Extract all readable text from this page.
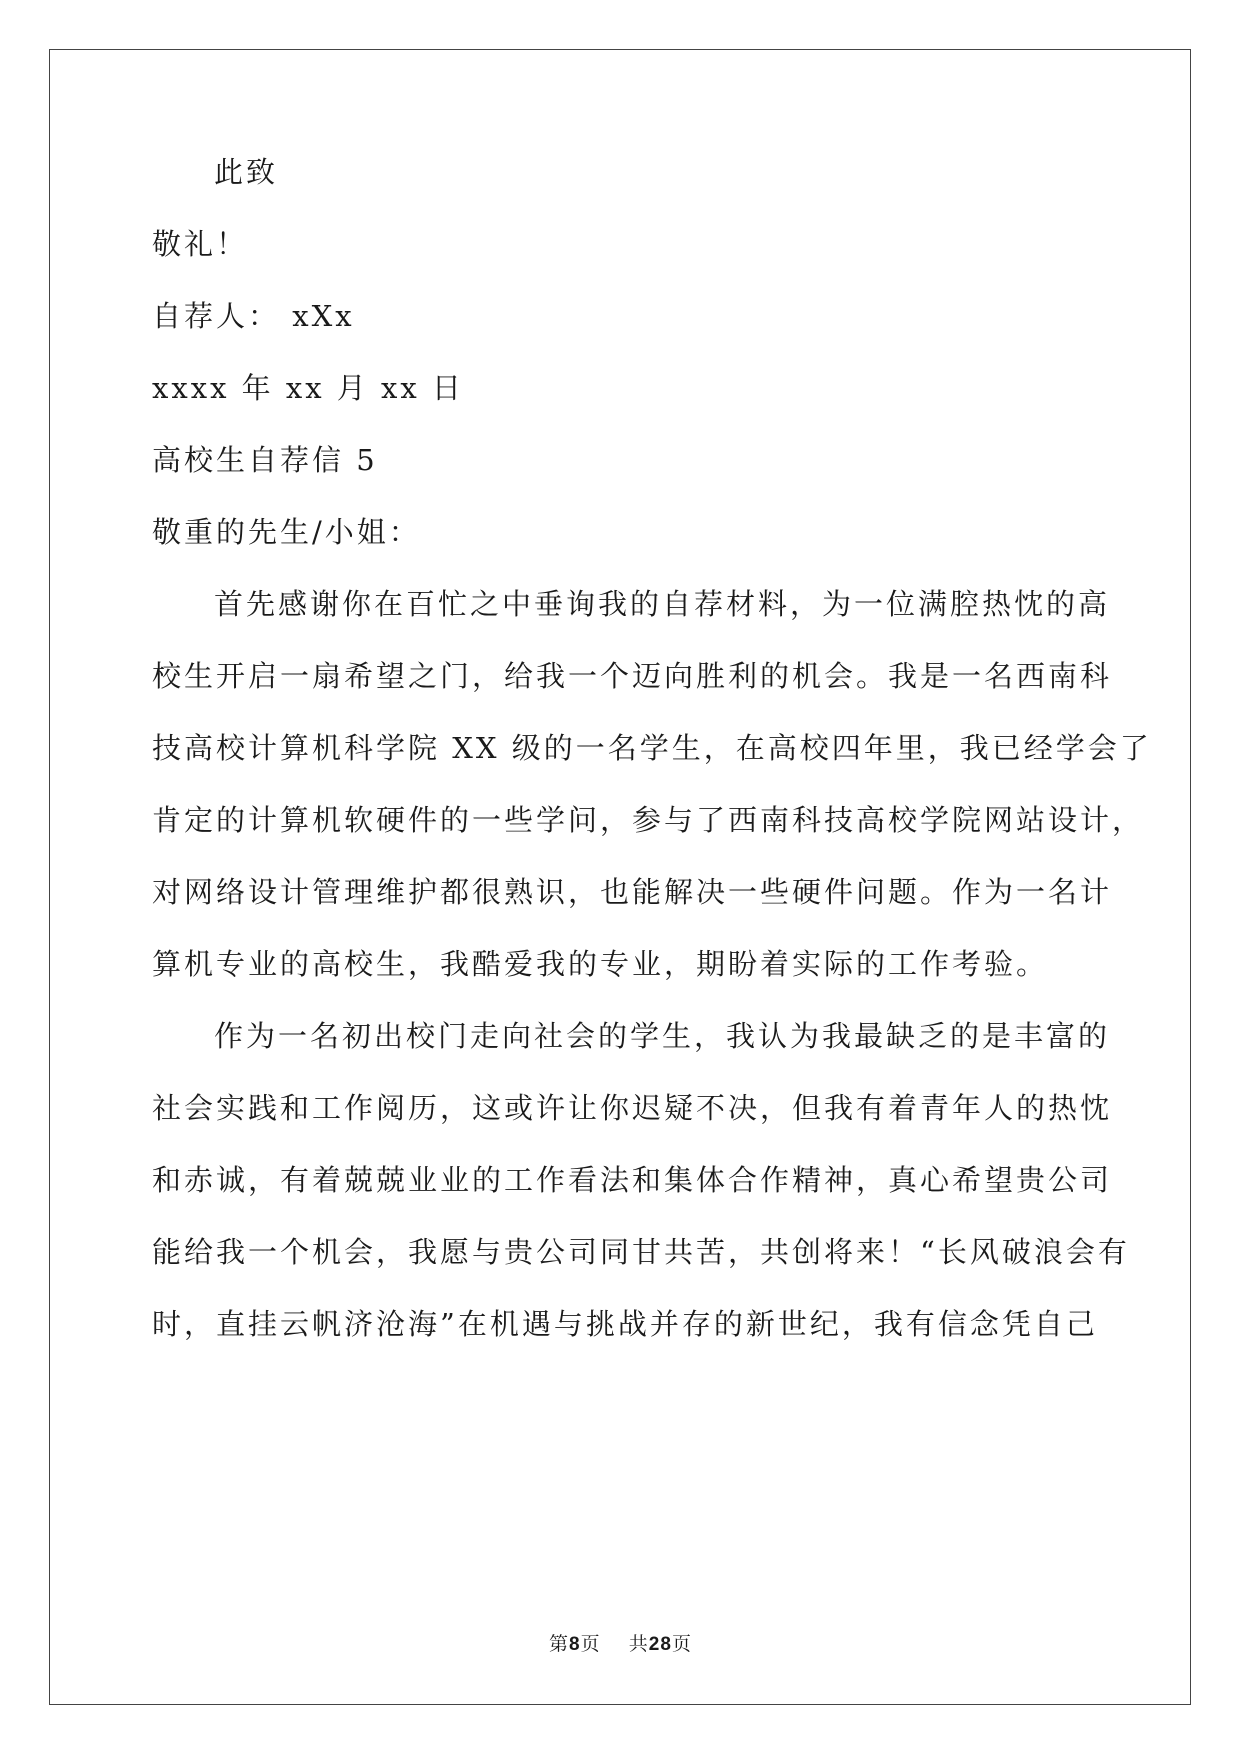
此致
敬礼！
自荐人： xXx
xxxx 年 xx 月 xx 日
高校生自荐信 5
敬重的先生/小姐：
首先感谢你在百忙之中垂询我的自荐材料，为一位满腔热忱的高
校生开启一扇希望之门，给我一个迈向胜利的机会。我是一名西南科
技高校计算机科学院 XX 级的一名学生，在高校四年里，我已经学会了
肯定的计算机软硬件的一些学问，参与了西南科技高校学院网站设计，
对网络设计管理维护都很熟识，也能解决一些硬件问题。作为一名计
算机专业的高校生，我酷爱我的专业，期盼着实际的工作考验。
作为一名初出校门走向社会的学生，我认为我最缺乏的是丰富的
社会实践和工作阅历，这或许让你迟疑不决，但我有着青年人的热忱
和赤诚，有着兢兢业业的工作看法和集体合作精神，真心希望贵公司
能给我一个机会，我愿与贵公司同甘共苦，共创将来！“长风破浪会有
时，直挂云帆济沧海”在机遇与挑战并存的新世纪，我有信念凭自己
第8页    共28页
